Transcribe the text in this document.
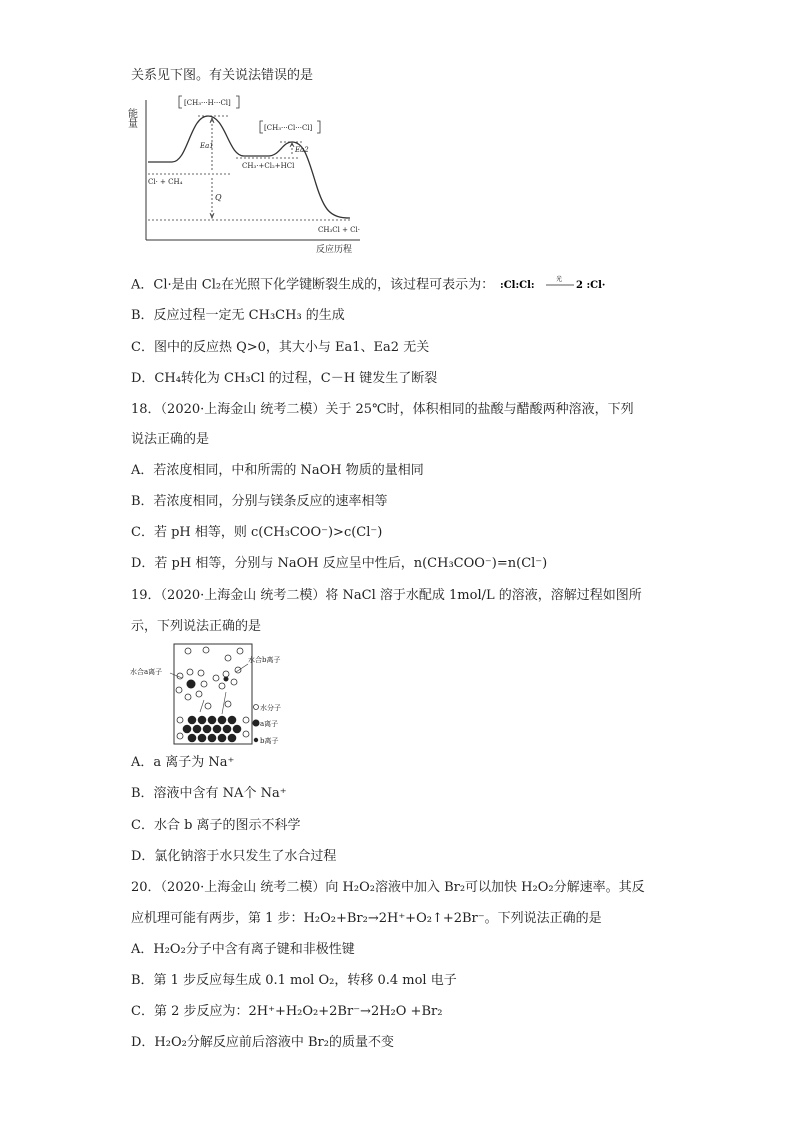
关系见下图。有关说法错误的是
能量
[CH₃···H···Cl]
[CH₃···Cl···Cl]
Ea1	Ea2
Q
Cl· + CH₄
CH₃·+Cl₂+HCl
CH₃Cl + Cl·
反应历程
A．Cl·是由 Cl₂在光照下化学键断裂生成的，该过程可表示为： :Cl:Cl:
光
2 :Cl·
B．反应过程一定无 CH₃CH₃ 的生成
C．图中的反应热 Q>0，其大小与 Ea1、Ea2 无关
D．CH₄转化为 CH₃Cl 的过程，C－H 键发生了断裂
18．（2020·上海金山 统考二模）关于 25℃时，体积相同的盐酸与醋酸两种溶液，下列
说法正确的是
A．若浓度相同，中和所需的 NaOH 物质的量相同
B．若浓度相同，分别与镁条反应的速率相等
C．若 pH 相等，则 c(CH₃COO⁻)>c(Cl⁻)
D．若 pH 相等，分别与 NaOH 反应呈中性后，n(CH₃COO⁻)=n(Cl⁻)
19．（2020·上海金山 统考二模）将 NaCl 溶于水配成 1mol/L 的溶液，溶解过程如图所
示，下列说法正确的是
水合a离子
水合b离子
水分子
a离子
b离子
A．a 离子为 Na⁺
B．溶液中含有 NA个 Na⁺
C．水合 b 离子的图示不科学
D．氯化钠溶于水只发生了水合过程
20．（2020·上海金山 统考二模）向 H₂O₂溶液中加入 Br₂可以加快 H₂O₂分解速率。其反
应机理可能有两步，第 1 步：H₂O₂+Br₂→2H⁺+O₂↑+2Br⁻。下列说法正确的是
A．H₂O₂分子中含有离子键和非极性键
B．第 1 步反应每生成 0.1 mol O₂，转移 0.4 mol 电子
C．第 2 步反应为：2H⁺+H₂O₂+2Br⁻→2H₂O +Br₂
D．H₂O₂分解反应前后溶液中 Br₂的质量不变
